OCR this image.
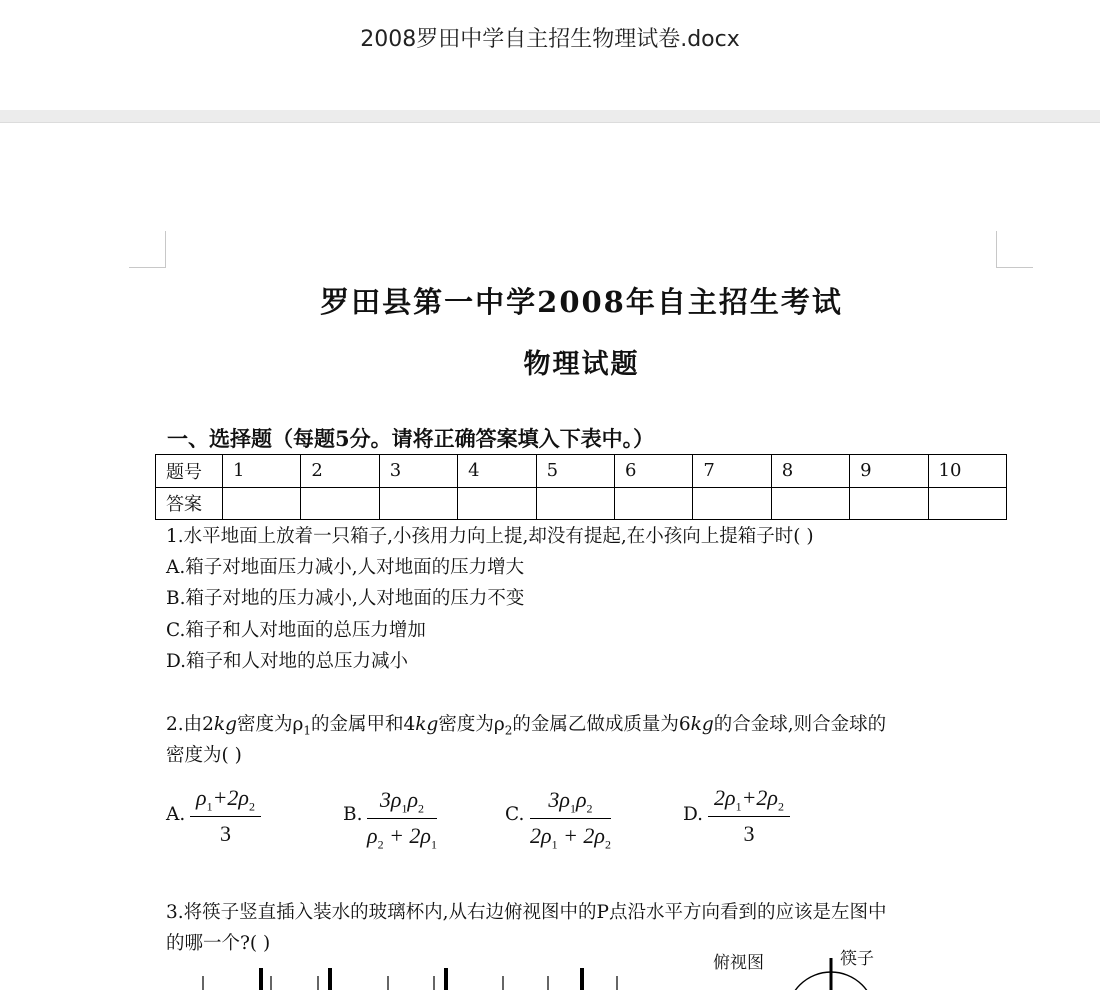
2008罗田中学自主招生物理试卷.docx
罗田县第一中学2008年自主招生考试
物理试题
一、选择题（每题5分。请将正确答案填入下表中。）
题号	1	2	3	4	5	6	7	8	9	10
答案										
1.水平地面上放着一只箱子,小孩用力向上提,却没有提起,在小孩向上提箱子时( )
A.箱子对地面压力减小,人对地面的压力增大
B.箱子对地的压力减小,人对地面的压力不变
C.箱子和人对地面的总压力增加
D.箱子和人对地的总压力减小
2.由2kg密度为$\rho_1$的金属甲和4kg密度为$\rho_2$的金属乙做成质量为6kg的合金球,则合金球的
密度为( )
A. $\frac{\rho_1+2\rho_2}{3}$	B. $\frac{3\rho_1\rho_2}{\rho_2 + 2\rho_1}$	C. $\frac{3\rho_1\rho_2}{2\rho_1 + 2\rho_2}$	D. $\frac{2\rho_1+2\rho_2}{3}$
3.将筷子竖直插入装水的玻璃杯内,从右边俯视图中的P点沿水平方向看到的应该是左图中
的哪一个?( )
俯视图	筷子
